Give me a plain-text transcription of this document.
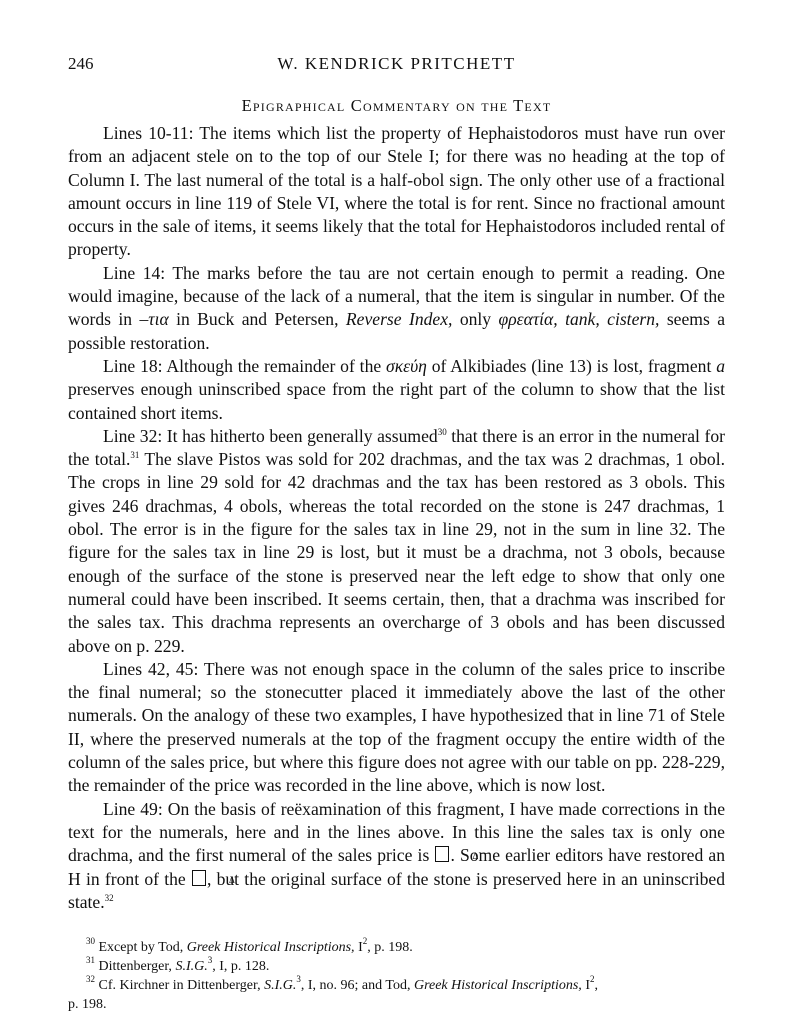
246	W. KENDRICK PRITCHETT
Epigraphical Commentary on the Text

Lines 10-11: The items which list the property of Hephaistodoros must have run over from an adjacent stele on to the top of our Stele I; for there was no heading at the top of Column I. The last numeral of the total is a half-obol sign. The only other use of a fractional amount occurs in line 119 of Stele VI, where the total is for rent. Since no fractional amount occurs in the sale of items, it seems likely that the total for Hephaistodoros included rental of property.

Line 14: The marks before the tau are not certain enough to permit a reading. One would imagine, because of the lack of a numeral, that the item is singular in number. Of the words in –τια in Buck and Petersen, Reverse Index, only φρεατία, tank, cistern, seems a possible restoration.

Line 18: Although the remainder of the σκεύη of Alkibiades (line 13) is lost, fragment a preserves enough uninscribed space from the right part of the column to show that the list contained short items.

Line 32: It has hitherto been generally assumed$^{30}$ that there is an error in the numeral for the total.$^{31}$ The slave Pistos was sold for 202 drachmas, and the tax was 2 drachmas, 1 obol. The crops in line 29 sold for 42 drachmas and the tax has been restored as 3 obols. This gives 246 drachmas, 4 obols, whereas the total recorded on the stone is 247 drachmas, 1 obol. The error is in the figure for the sales tax in line 29, not in the sum in line 32. The figure for the sales tax in line 29 is lost, but it must be a drachma, not 3 obols, because enough of the surface of the stone is preserved near the left edge to show that only one numeral could have been inscribed. It seems certain, then, that a drachma was inscribed for the sales tax. This drachma represents an overcharge of 3 obols and has been discussed above on p. 229.

Lines 42, 45: There was not enough space in the column of the sales price to inscribe the final numeral; so the stonecutter placed it immediately above the last of the other numerals. On the analogy of these two examples, I have hypothesized that in line 71 of Stele II, where the preserved numerals at the top of the fragment occupy the entire width of the column of the sales price, but where this figure does not agree with our table on pp. 228-229, the remainder of the price was recorded in the line above, which is now lost.

Line 49: On the basis of reëxamination of this fragment, I have made corrections in the text for the numerals, here and in the lines above. In this line the sales tax is only one drachma, and the first numeral of the sales price is Δ. Some earlier editors have restored an H in front of the Δ, but the original surface of the stone is preserved here in an uninscribed state.$^{32}$

$^{30}$ Except by Tod, Greek Historical Inscriptions, $I^2$, p. 198.
$^{31}$ Dittenberger, S.I.G.$^3$, I, p. 128.
$^{32}$ Cf. Kirchner in Dittenberger, S.I.G.$^3$, I, no. 96; and Tod, Greek Historical Inscriptions, $I^2$,
p. 198.
